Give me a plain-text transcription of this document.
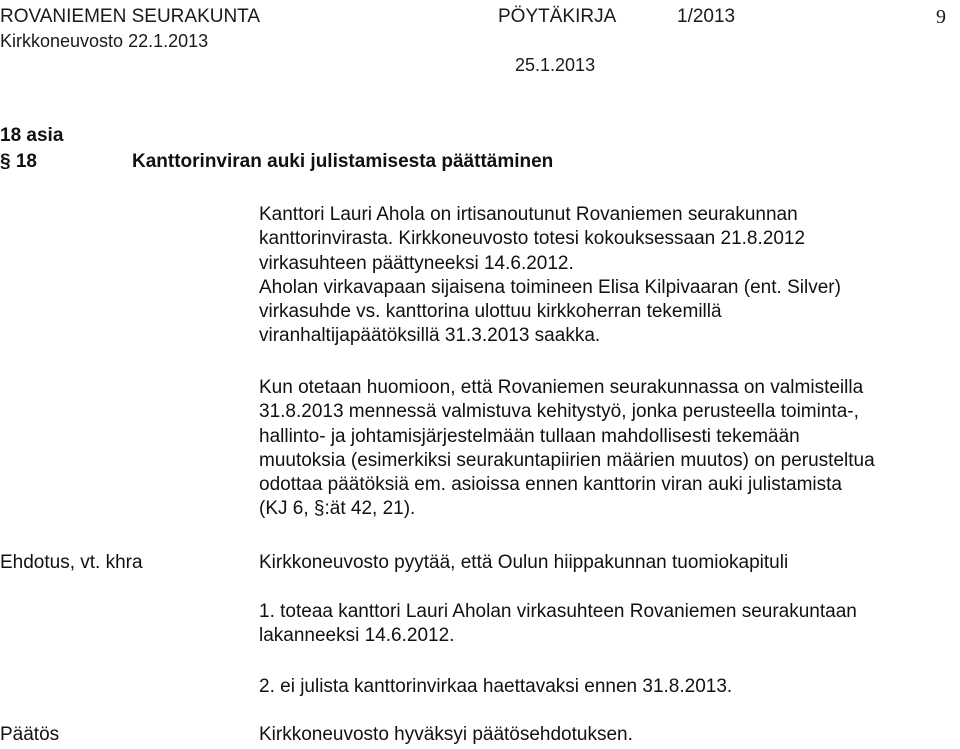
ROVANIEMEN SEURAKUNTA	PÖYTÄKIRJA	1/2013	9
Kirkkoneuvosto 22.1.2013
25.1.2013
18 asia
§ 18	Kanttorinviran auki julistamisesta päättäminen
Kanttori Lauri Ahola on irtisanoutunut Rovaniemen seurakunnan
kanttorinvirasta. Kirkkoneuvosto totesi kokouksessaan 21.8.2012
virkasuhteen päättyneeksi 14.6.2012.
Aholan virkavapaan sijaisena toimineen Elisa Kilpivaaran (ent. Silver)
virkasuhde vs. kanttorina ulottuu kirkkoherran tekemillä
viranhaltijapäätöksillä 31.3.2013 saakka.
Kun otetaan huomioon, että Rovaniemen seurakunnassa on valmisteilla
31.8.2013 mennessä valmistuva kehitystyö, jonka perusteella toiminta-,
hallinto- ja johtamisjärjestelmään tullaan mahdollisesti tekemään
muutoksia (esimerkiksi seurakuntapiirien määrien muutos) on perusteltua
odottaa päätöksiä em. asioissa ennen kanttorin viran auki julistamista
(KJ 6, §:ät 42, 21).
Ehdotus, vt. khra	Kirkkoneuvosto pyytää, että Oulun hiippakunnan tuomiokapituli
1. toteaa kanttori Lauri Aholan virkasuhteen Rovaniemen seurakuntaan
lakanneeksi 14.6.2012.
2. ei julista kanttorinvirkaa haettavaksi ennen 31.8.2013.
Päätös	Kirkkoneuvosto hyväksyi päätösehdotuksen.
